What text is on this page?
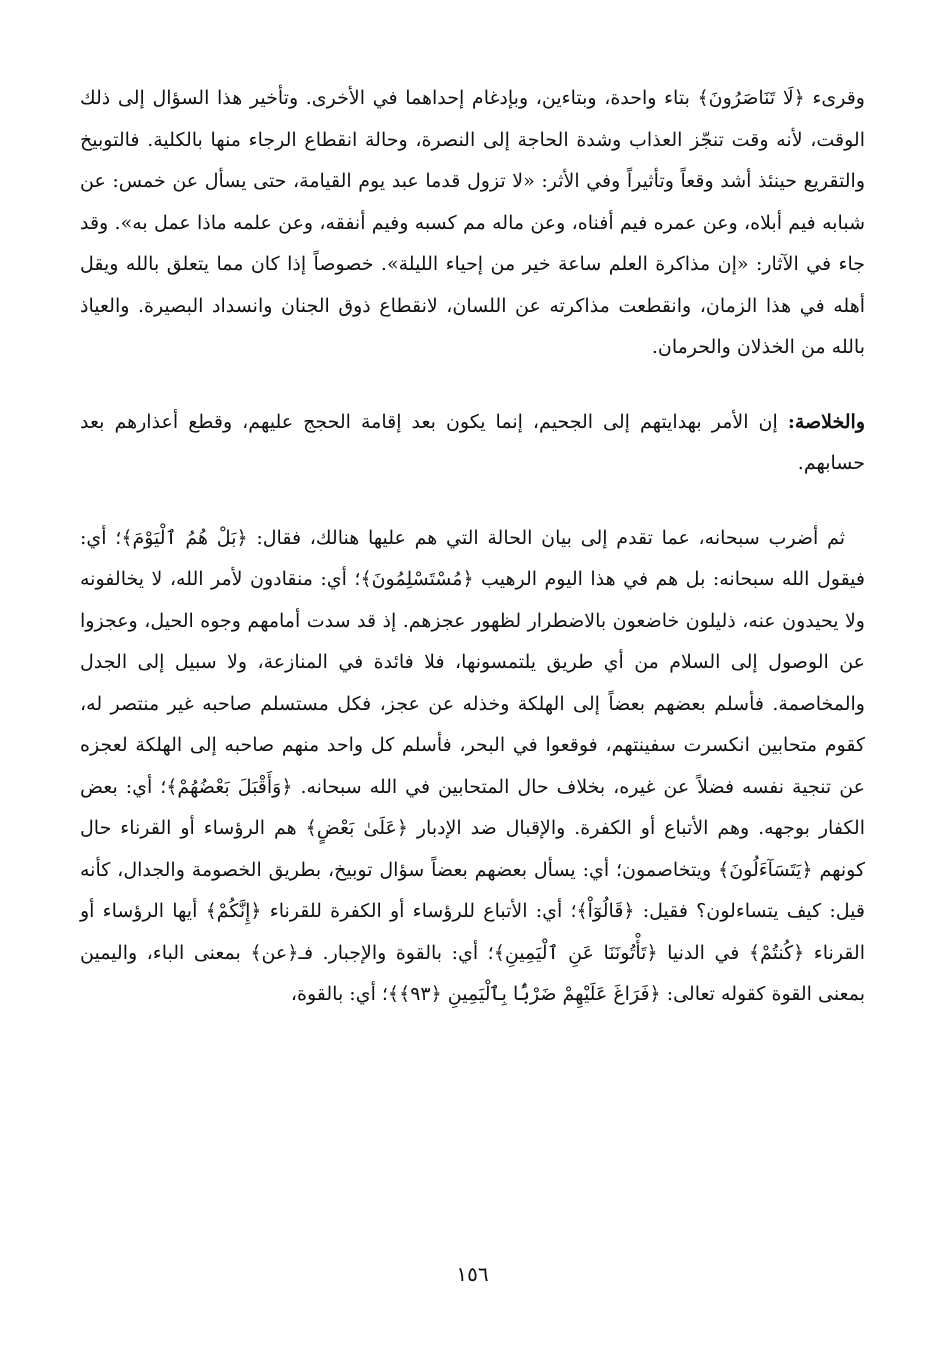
وقرىء ﴿لَا تَنَاصَرُونَ﴾ بتاء واحدة، وبتاءين، وبإدغام إحداهما في الأخرى. وتأخير هذا السؤال إلى ذلك الوقت، لأنه وقت تنجّز العذاب وشدة الحاجة إلى النصرة، وحالة انقطاع الرجاء منها بالكلية. فالتوبيخ والتقريع حينئذ أشد وقعاً وتأثيراً وفي الأثر: «لا تزول قدما عبد يوم القيامة، حتى يسأل عن خمس: عن شبابه فيم أبلاه، وعن عمره فيم أفناه، وعن ماله مم كسبه وفيم أنفقه، وعن علمه ماذا عمل به». وقد جاء في الآثار: «إن مذاكرة العلم ساعة خير من إحياء الليلة». خصوصاً إذا كان مما يتعلق بالله ويقل أهله في هذا الزمان، وانقطعت مذاكرته عن اللسان، لانقطاع ذوق الجنان وانسداد البصيرة. والعياذ بالله من الخذلان والحرمان.

والخلاصة: إن الأمر بهدايتهم إلى الجحيم، إنما يكون بعد إقامة الحجج عليهم، وقطع أعذارهم بعد حسابهم.

ثم أضرب سبحانه، عما تقدم إلى بيان الحالة التي هم عليها هنالك، فقال: ﴿بَلْ هُمُ ٱلْيَوْمَ﴾؛ أي: فيقول الله سبحانه: بل هم في هذا اليوم الرهيب ﴿مُسْتَسْلِمُونَ﴾؛ أي: منقادون لأمر الله، لا يخالفونه ولا يحيدون عنه، ذليلون خاضعون بالاضطرار لظهور عجزهم. إذ قد سدت أمامهم وجوه الحيل، وعجزوا عن الوصول إلى السلام من أي طريق يلتمسونها، فلا فائدة في المنازعة، ولا سبيل إلى الجدل والمخاصمة. فأسلم بعضهم بعضاً إلى الهلكة وخذله عن عجز، فكل مستسلم صاحبه غير منتصر له، كقوم متحابين انكسرت سفينتهم، فوقعوا في البحر، فأسلم كل واحد منهم صاحبه إلى الهلكة لعجزه عن تنجية نفسه فضلاً عن غيره، بخلاف حال المتحابين في الله سبحانه. ﴿وَأَقْبَلَ بَعْضُهُمْ﴾؛ أي: بعض الكفار بوجهه. وهم الأتباع أو الكفرة. والإقبال ضد الإدبار ﴿عَلَىٰ بَعْضٍ﴾ هم الرؤساء أو القرناء حال كونهم ﴿يَتَسَآءَلُونَ﴾ ويتخاصمون؛ أي: يسأل بعضهم بعضاً سؤال توبيخ، بطريق الخصومة والجدال، كأنه قيل: كيف يتساءلون؟ فقيل: ﴿قَالُوٓاْ﴾؛ أي: الأتباع للرؤساء أو الكفرة للقرناء ﴿إِنَّكُمْ﴾ أيها الرؤساء أو القرناء ﴿كُنتُمْ﴾ في الدنيا ﴿تَأْتُونَنَا عَنِ ٱلْيَمِينِ﴾؛ أي: بالقوة والإجبار. فـ﴿عن﴾ بمعنى الباء، واليمين بمعنى القوة كقوله تعالى: ﴿فَرَاغَ عَلَيْهِمْ ضَرْبًۢا بِٱلْيَمِينِ ﴿٩٣﴾﴾؛ أي: بالقوة،

١٥٦
